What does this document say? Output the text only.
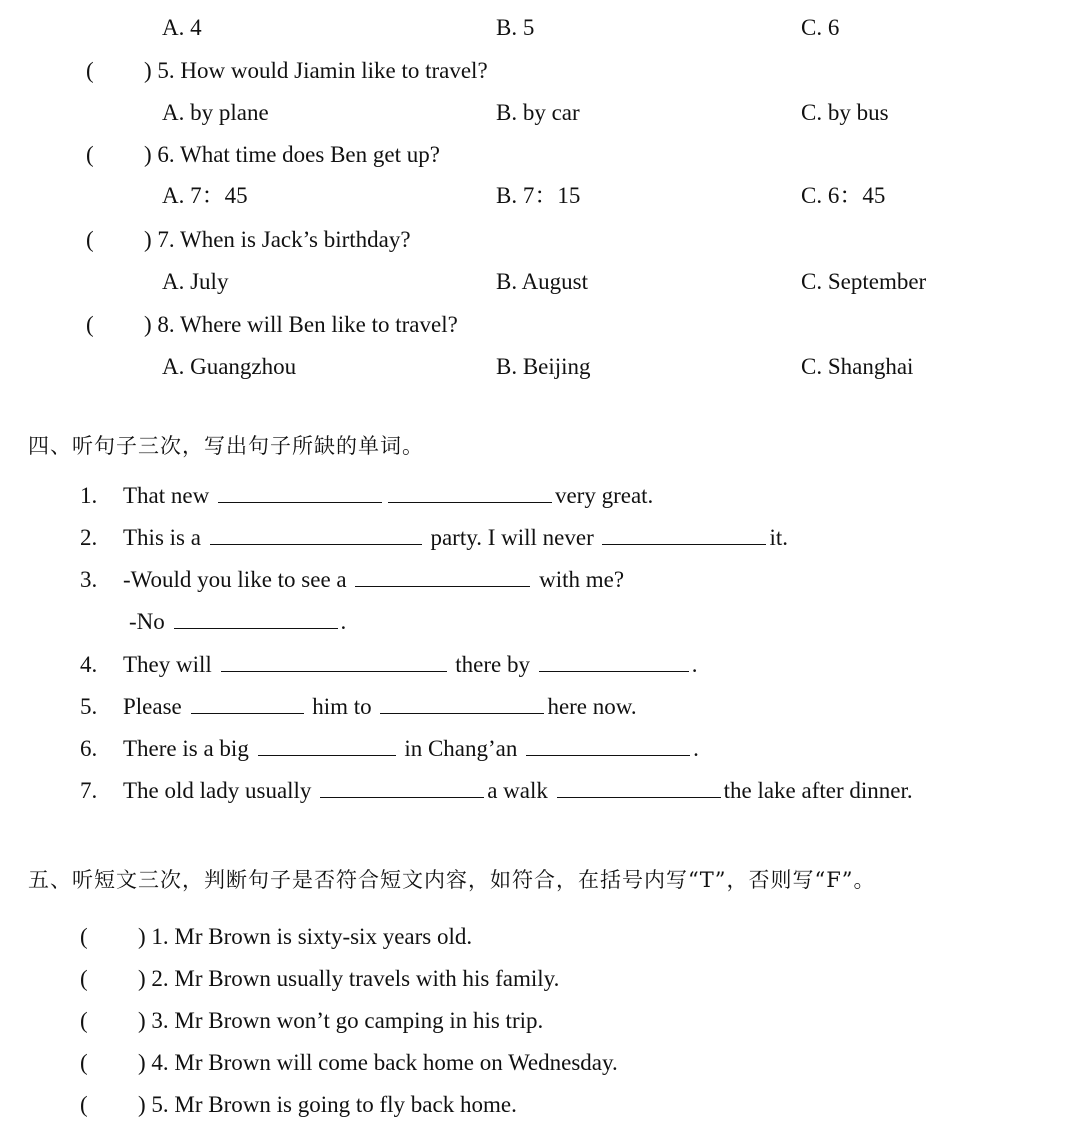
A. 4	B. 5	C. 6
( ) 5. How would Jiamin like to travel?
A. by plane	B. by car	C. by bus
( ) 6. What time does Ben get up?
A. 7：45	B. 7：15	C. 6：45
( ) 7. When is Jack’s birthday?
A. July	B. August	C. September
( ) 8. Where will Ben like to travel?
A. Guangzhou	B. Beijing	C. Shanghai
四、听句子三次，写出句子所缺的单词。
1. That new	very great.
2. This is a	party. I will never	it.
3. -Would you like to see a	with me?
-No	.
4. They will	there by	.
5. Please	him to	here now.
6. There is a big	in Chang’an	.
7. The old lady usually	a walk	the lake after dinner.
五、听短文三次，判断句子是否符合短文内容，如符合，在括号内写“T”，否则写“F”。
( ) 1. Mr Brown is sixty-six years old.
( ) 2. Mr Brown usually travels with his family.
( ) 3. Mr Brown won’t go camping in his trip.
( ) 4. Mr Brown will come back home on Wednesday.
( ) 5. Mr Brown is going to fly back home.
